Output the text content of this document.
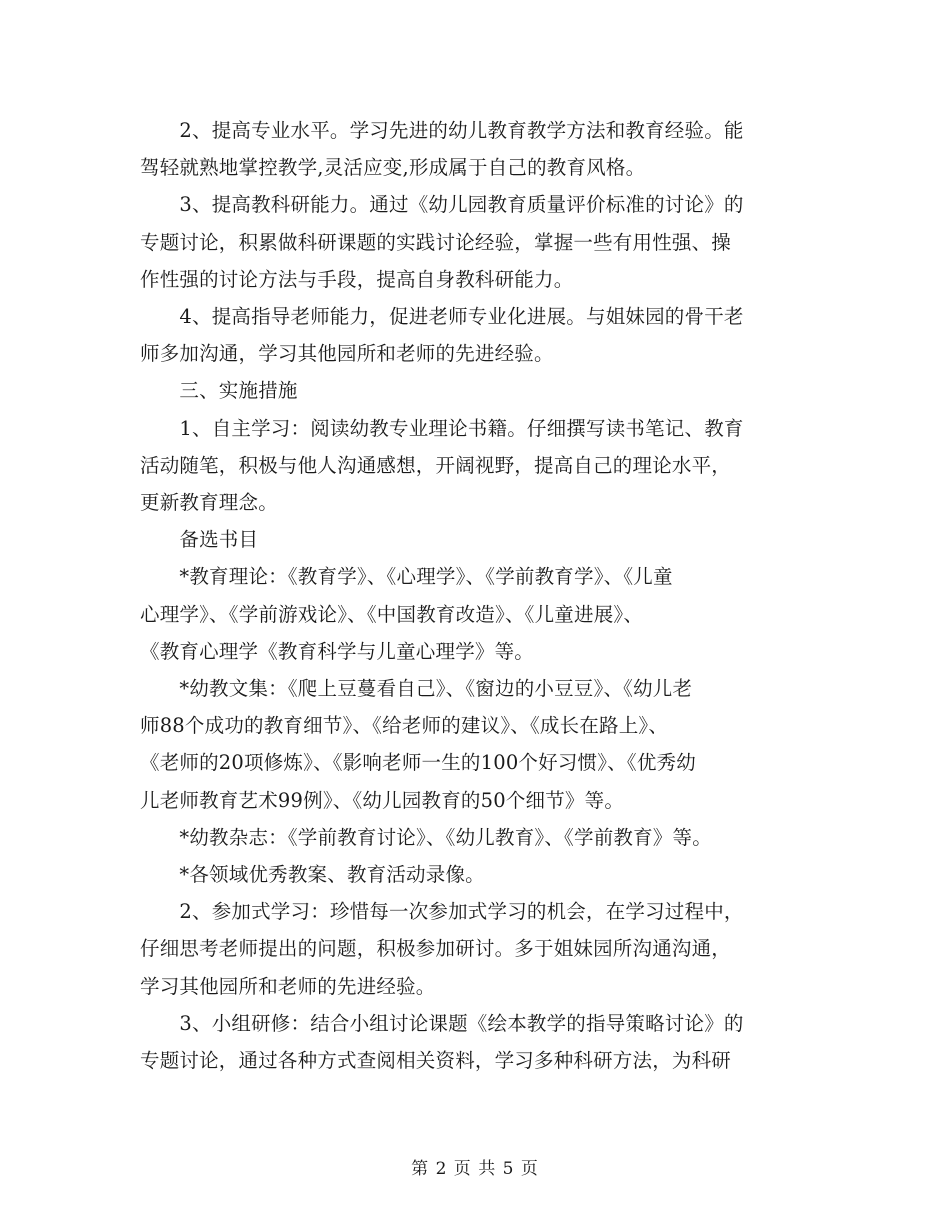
　　2、提高专业水平。学习先进的幼儿教育教学方法和教育经验。能
驾轻就熟地掌控教学,灵活应变,形成属于自己的教育风格。
　　3、提高教科研能力。通过《幼儿园教育质量评价标准的讨论》的
专题讨论，积累做科研课题的实践讨论经验，掌握一些有用性强、操
作性强的讨论方法与手段，提高自身教科研能力。
　　4、提高指导老师能力，促进老师专业化进展。与姐妹园的骨干老
师多加沟通，学习其他园所和老师的先进经验。
　　三、实施措施
　　1、自主学习：阅读幼教专业理论书籍。仔细撰写读书笔记、教育
活动随笔，积极与他人沟通感想，开阔视野，提高自己的理论水平，
更新教育理念。
　　备选书目
　　*教育理论：《教育学》、《心理学》、《学前教育学》、《儿童
心理学》、《学前游戏论》、《中国教育改造》、《儿童进展》、
《教育心理学《教育科学与儿童心理学》等。
　　*幼教文集：《爬上豆蔓看自己》、《窗边的小豆豆》、《幼儿老
师88个成功的教育细节》、《给老师的建议》、《成长在路上》、
《老师的20项修炼》、《影响老师一生的100个好习惯》、《优秀幼
儿老师教育艺术99例》、《幼儿园教育的50个细节》等。
　　*幼教杂志：《学前教育讨论》、《幼儿教育》、《学前教育》等。
　　*各领域优秀教案、教育活动录像。
　　2、参加式学习：珍惜每一次参加式学习的机会，在学习过程中，
仔细思考老师提出的问题，积极参加研讨。多于姐妹园所沟通沟通，
学习其他园所和老师的先进经验。
　　3、小组研修：结合小组讨论课题《绘本教学的指导策略讨论》的
专题讨论，通过各种方式查阅相关资料，学习多种科研方法，为科研

第 2 页 共 5 页
